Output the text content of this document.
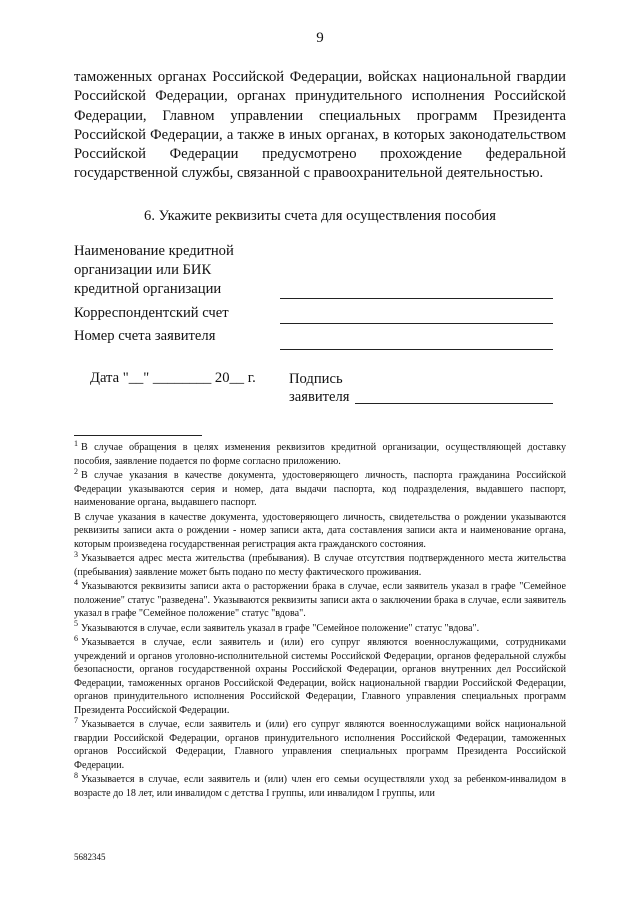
9

таможенных органах Российской Федерации, войсках национальной гвардии Российской Федерации, органах принудительного исполнения Российской Федерации, Главном управлении специальных программ Президента Российской Федерации, а также в иных органах, в которых законодательством Российской Федерации предусмотрено прохождение федеральной государственной службы, связанной с правоохранительной деятельностью.

6. Укажите реквизиты счета для осуществления пособия
Наименование кредитной
организации или БИК
кредитной организации
Корреспондентский счет
Номер счета заявителя
Дата "__" ________ 20__ г. Подпись
заявителя

$^1$ В случае обращения в целях изменения реквизитов кредитной организации, осуществляющей доставку пособия, заявление подается по форме согласно приложению.

$^2$ В случае указания в качестве документа, удостоверяющего личность, паспорта гражданина Российской Федерации указываются серия и номер, дата выдачи паспорта, код подразделения, выдавшего паспорт, наименование органа, выдавшего паспорт.

В случае указания в качестве документа, удостоверяющего личность, свидетельства о рождении указываются реквизиты записи акта о рождении - номер записи акта, дата составления записи акта и наименование органа, которым произведена государственная регистрация акта гражданского состояния.

$^3$ Указывается адрес места жительства (пребывания). В случае отсутствия подтвержденного места жительства (пребывания) заявление может быть подано по месту фактического проживания.

$^4$ Указываются реквизиты записи акта о расторжении брака в случае, если заявитель указал в графе "Семейное положение" статус "разведена". Указываются реквизиты записи акта о заключении брака в случае, если заявитель указал в графе "Семейное положение" статус "вдова".

$^5$ Указываются в случае, если заявитель указал в графе "Семейное положение" статус "вдова".

$^6$ Указывается в случае, если заявитель и (или) его супруг являются военнослужащими, сотрудниками учреждений и органов уголовно-исполнительной системы Российской Федерации, органов федеральной службы безопасности, органов государственной охраны Российской Федерации, органов внутренних дел Российской Федерации, таможенных органов Российской Федерации, войск национальной гвардии Российской Федерации, органов принудительного исполнения Российской Федерации, Главного управления специальных программ Президента Российской Федерации.

$^7$ Указывается в случае, если заявитель и (или) его супруг являются военнослужащими войск национальной гвардии Российской Федерации, органов принудительного исполнения Российской Федерации, таможенных органов Российской Федерации, Главного управления специальных программ Президента Российской Федерации.

$^8$ Указывается в случае, если заявитель и (или) член его семьи осуществляли уход за ребенком-инвалидом в возрасте до 18 лет, или инвалидом с детства I группы, или инвалидом I группы, или

5682345
